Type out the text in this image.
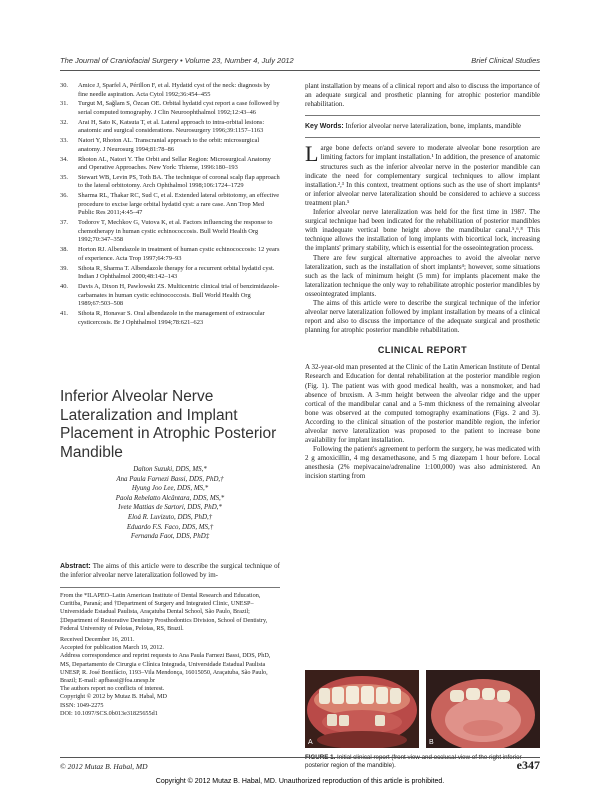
The Journal of Craniofacial Surgery • Volume 23, Number 4, July 2012	Brief Clinical Studies
30. Amice J, Sparfel A, Périllon F, et al. Hydatid cyst of the neck: diagnosis by fine needle aspiration. Acta Cytol 1992;36:454–455
31. Turgut M, Sağlam S, Özcan OE. Orbital hydatid cyst report a case followed by serial computed tomography. J Clin Neuroophthalmol 1992;12:43–46
32. Arai H, Sato K, Katsuta T, et al. Lateral approach to intra-orbital lesions: anatomic and surgical considerations. Neurosurgery 1996;39:1157–1163
33. Natori Y, Rhoton AL. Transcranial approach to the orbit: microsurgical anatomy. J Neurosurg 1994;81:78–86
34. Rhoton AL, Natori Y. The Orbit and Sellar Region: Microsurgical Anatomy and Operative Approaches. New York: Thieme, 1996:180–193
35. Stewart WB, Levin PS, Toth BA. The technique of coronal scalp flap approach to the lateral orbitotomy. Arch Ophthalmol 1998;106:1724–1729
36. Sharma RL, Thakar RC, Sud C, et al. Extended lateral orbitotomy, an effective procedure to excise large orbital hydatid cyst: a rare case. Ann Trop Med Public Res 2011;4:45–47
37. Todorov T, Mechkov G, Vutova K, et al. Factors influencing the response to chemotherapy in human cystic echinococcosis. Bull World Health Org 1992;70:347–358
38. Horton RJ. Albendazole in treatment of human cystic echinococcosis: 12 years of experience. Acta Trop 1997;64:79–93
39. Sihota R, Sharma T. Albendazole therapy for a recurrent orbital hydatid cyst. Indian J Ophthalmol 2000;48:142–143
40. Davis A, Dixon H, Pawlowski ZS. Multicentric clinical trial of benzimidazole-carbamates in human cystic echinococcosis. Bull World Health Org 1989;67:503–508
41. Sihota R, Honavar S. Oral albendazole in the management of extraocular cysticercosis. Br J Ophthalmol 1994;78:621–623
Inferior Alveolar Nerve Lateralization and Implant Placement in Atrophic Posterior Mandible
Dalton Suzuki, DDS, MS,*
Ana Paula Farnezi Bassi, DDS, PhD,†
Hyung Joo Lee, DDS, MS,*
Paola Rebelatto Alcântara, DDS, MS,*
Ivete Mattias de Sartori, DDS, PhD,*
Eloá R. Luvizuto, DDS, PhD,†
Eduardo F.S. Faco, DDS, MS,†
Fernanda Faot, DDS, PhD‡
Abstract: The aims of this article were to describe the surgical technique of the inferior alveolar nerve lateralization followed by im-

From the *ILAPEO–Latin American Institute of Dental Research and Education, Curitiba, Paraná; and †Department of Surgery and Integrated Clinic, UNESP–Universidade Estadual Paulista, Araçatuba Dental School, São Paulo, Brazil; ‡Department of Restorative Dentistry Prosthodontics Division, School of Dentistry, Federal University of Pelotas, Pelotas, RS, Brazil.

Received December 16, 2011.
Accepted for publication March 19, 2012.
Address correspondence and reprint requests to Ana Paula Farnezi Bassi, DDS, PhD, MS, Departamento de Cirurgia e Clínica Integrada, Universidade Estadual Paulista UNESP, R. José Bonifácio, 1193–Vila Mendonça, 16015050, Araçatuba, São Paulo, Brazil; E-mail: apfbassi@foa.unesp.br
The authors report no conflicts of interest.
Copyright © 2012 by Mutaz B. Habal, MD
ISSN: 1049-2275
DOI: 10.1097/SCS.0b013e31825655d1

plant installation by means of a clinical report and also to discuss the importance of an adequate surgical and prosthetic planning for atrophic posterior mandible rehabilitation.

Key Words: Inferior alveolar nerve lateralization, bone, implants, mandible

Large bone defects or/and severe to moderate alveolar bone resorption are limiting factors for implant installation.¹ In addition, the presence of anatomic structures such as the inferior alveolar nerve in the posterior mandible can indicate the need for complementary surgical techniques to allow implant installation.²,³ In this context, treatment options such as the use of short implants⁴ or inferior alveolar nerve lateralization should be considered to achieve a success treatment plan.⁵

Inferior alveolar nerve lateralization was held for the first time in 1987. The surgical technique had been indicated for the rehabilitation of posterior mandibles with inadequate vertical bone height above the mandibular canal.⁵,⁶,⁸ This technique allows the installation of long implants with bicortical lock, increasing the implants' primary stability, which is essential for the osseointegration process.

There are few surgical alternative approaches to avoid the alveolar nerve lateralization, such as the installation of short implants⁴; however, some situations such as the lack of minimum height (5 mm) for implants placement make the lateralization technique the only way to rehabilitate atrophic posterior mandibles by osseointegrated implants.

The aims of this article were to describe the surgical technique of the inferior alveolar nerve lateralization followed by implant installation by means of a clinical report and also to discuss the importance of the adequate surgical and prosthetic planning for atrophic posterior mandible rehabilitation.

CLINICAL REPORT

A 32-year-old man presented at the Clinic of the Latin American Institute of Dental Research and Education for dental rehabilitation at the posterior mandible region (Fig. 1). The patient was with good medical health, was a nonsmoker, and had absence of bruxism. A 3-mm height between the alveolar ridge and the upper cortical of the mandibular canal and a 5-mm thickness of the remaining alveolar bone was observed at the computed tomography examinations (Figs. 2 and 3). According to the clinical situation of the posterior mandible region, the inferior alveolar nerve lateralization was proposed to the patient to increase bone availability for implant installation.

Following the patient's agreement to perform the surgery, he was medicated with 2 g amoxicillin, 4 mg dexamethasone, and 5 mg diazepam 1 hour before. Local anesthesia (2% mepivacaine/adrenaline 1:100,000) was also administered. An incision starting from

A	B
FIGURE 1. Initial clinical report (front view and occlusal view of the right inferior posterior region of the mandible).
© 2012 Mutaz B. Habal, MD	e347
Copyright © 2012 Mutaz B. Habal, MD. Unauthorized reproduction of this article is prohibited.
